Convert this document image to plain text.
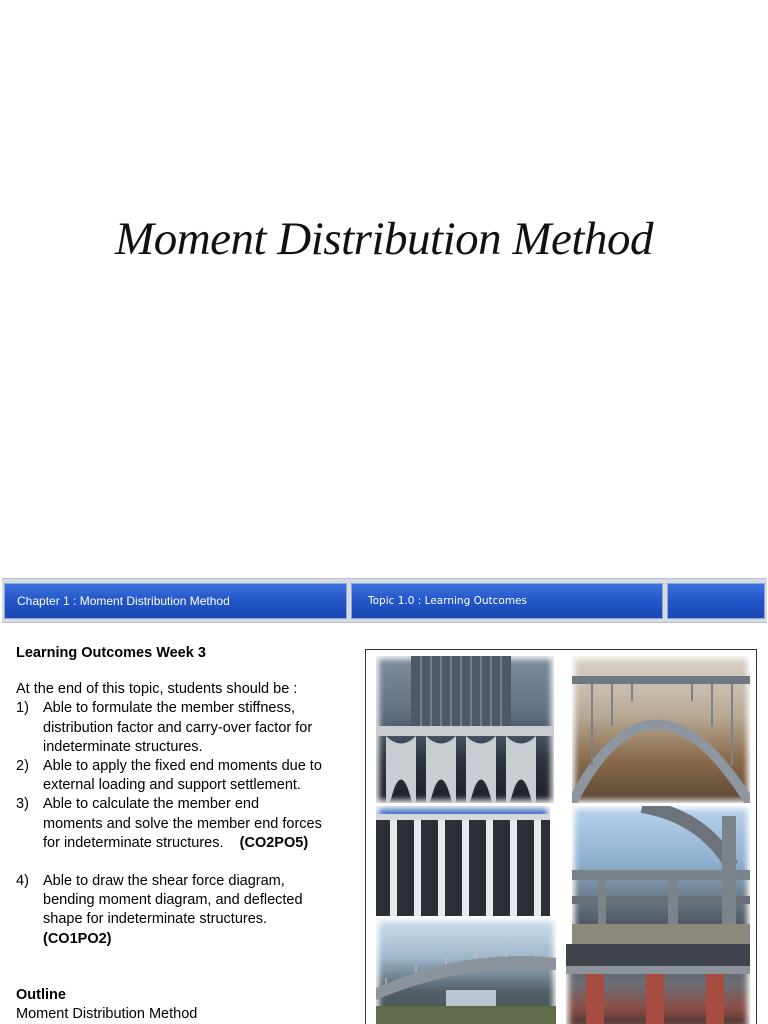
Moment Distribution Method
Chapter 1 : Moment Distribution Method	Topic 1.0 : Learning Outcomes
Learning Outcomes Week 3
At the end of this topic, students should be :
1) Able to formulate the member stiffness,
distribution factor and carry-over factor for
indeterminate structures.
2) Able to apply the fixed end moments due to
external loading and support settlement.
3) Able to calculate the member end
moments and solve the member end forces
for indeterminate structures. (CO2PO5)
4) Able to draw the shear force diagram,
bending moment diagram, and deflected
shape for indeterminate structures.
(CO1PO2)
Outline
Moment Distribution Method
